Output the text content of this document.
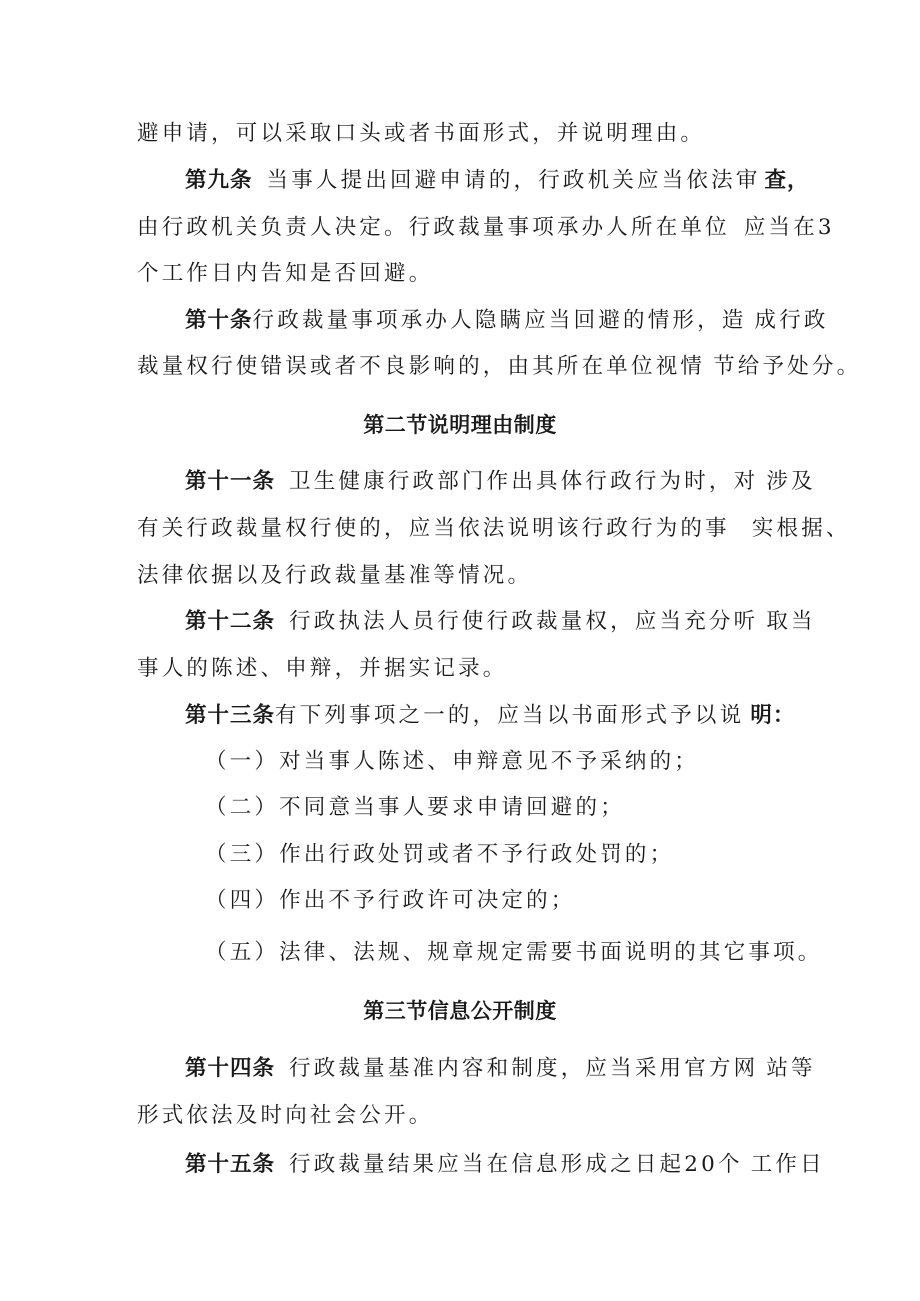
避申请，可以采取口头或者书面形式，并说明理由。
第九条 当事人提出回避申请的，行政机关应当依法审 查，
由行政机关负责人决定。行政裁量事项承办人所在单位 应当在3
个工作日内告知是否回避。
第十条行政裁量事项承办人隐瞒应当回避的情形，造 成行政
裁量权行使错误或者不良影响的，由其所在单位视情 节给予处分。
第二节说明理由制度
第十一条 卫生健康行政部门作出具体行政行为时，对 涉及
有关行政裁量权行使的，应当依法说明该行政行为的事 实根据、
法律依据以及行政裁量基准等情况。
第十二条 行政执法人员行使行政裁量权，应当充分听 取当
事人的陈述、申辩，并据实记录。
第十三条有下列事项之一的，应当以书面形式予以说 明：
（一）对当事人陈述、申辩意见不予采纳的；
（二）不同意当事人要求申请回避的；
（三）作出行政处罚或者不予行政处罚的；
（四）作出不予行政许可决定的；
（五）法律、法规、规章规定需要书面说明的其它事项。
第三节信息公开制度
第十四条 行政裁量基准内容和制度，应当采用官方网 站等
形式依法及时向社会公开。
第十五条 行政裁量结果应当在信息形成之日起20个 工作日
